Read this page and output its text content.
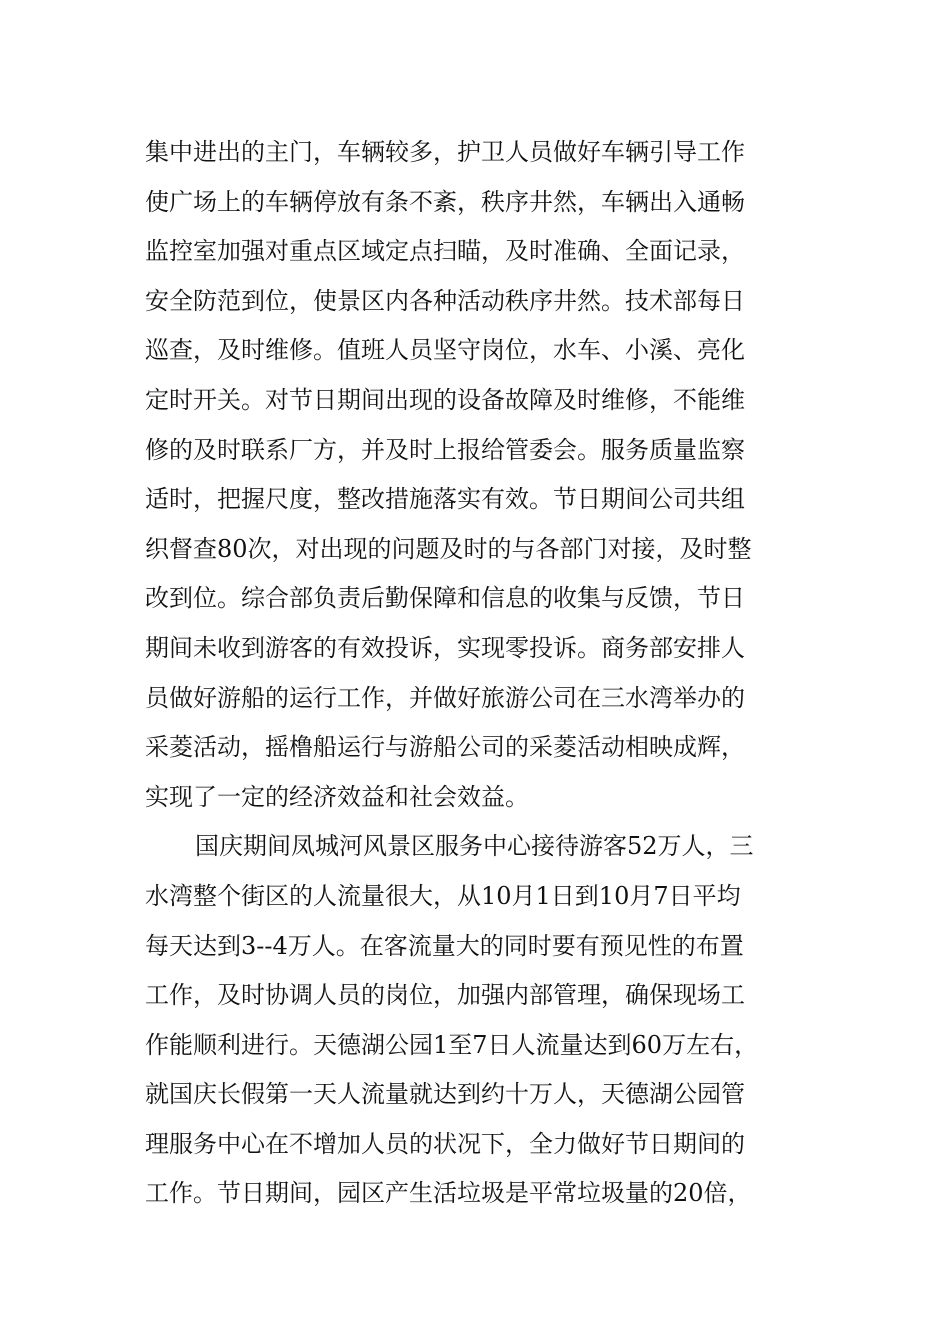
集中进出的主门，车辆较多，护卫人员做好车辆引导工作
使广场上的车辆停放有条不紊，秩序井然，车辆出入通畅
监控室加强对重点区域定点扫瞄，及时准确、全面记录，
安全防范到位，使景区内各种活动秩序井然。技术部每日
巡查，及时维修。值班人员坚守岗位，水车、小溪、亮化
定时开关。对节日期间出现的设备故障及时维修，不能维
修的及时联系厂方，并及时上报给管委会。服务质量监察
适时，把握尺度，整改措施落实有效。节日期间公司共组
织督查80次，对出现的问题及时的与各部门对接，及时整
改到位。综合部负责后勤保障和信息的收集与反馈，节日
期间未收到游客的有效投诉，实现零投诉。商务部安排人
员做好游船的运行工作，并做好旅游公司在三水湾举办的
采菱活动，摇橹船运行与游船公司的采菱活动相映成辉，
实现了一定的经济效益和社会效益。
国庆期间凤城河风景区服务中心接待游客52万人，三
水湾整个街区的人流量很大，从10月1日到10月7日平均
每天达到3--4万人。在客流量大的同时要有预见性的布置
工作，及时协调人员的岗位，加强内部管理，确保现场工
作能顺利进行。天德湖公园1至7日人流量达到60万左右，
就国庆长假第一天人流量就达到约十万人，天德湖公园管
理服务中心在不增加人员的状况下，全力做好节日期间的
工作。节日期间，园区产生活垃圾是平常垃圾量的20倍，
